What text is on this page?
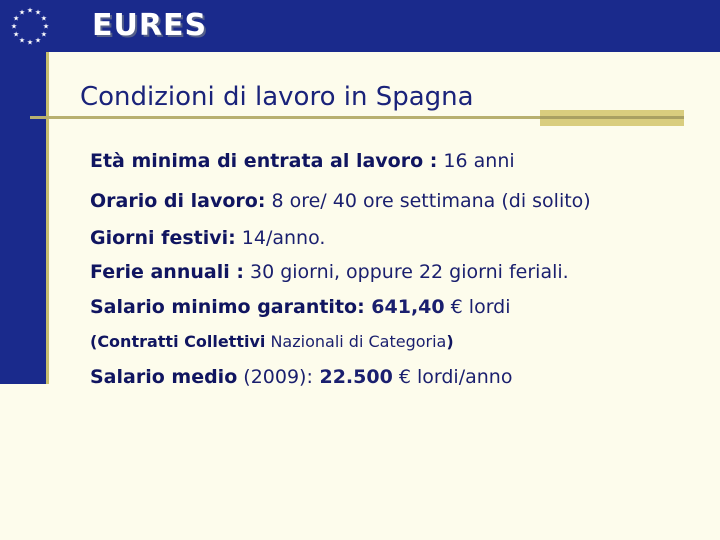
★ ★
★
★
★
★
★
★
★
★
★
★ EURES
Condizioni di lavoro in Spagna
Età minima di entrata al lavoro : 16 anni
Orario di lavoro: 8 ore/ 40 ore settimana (di solito)
Giorni festivi: 14/anno.
Ferie annuali : 30 giorni, oppure 22 giorni feriali.
Salario minimo garantito: 641,40 € lordi
(Contratti Collettivi Nazionali di Categoria)
Salario medio (2009): 22.500 € lordi/anno
